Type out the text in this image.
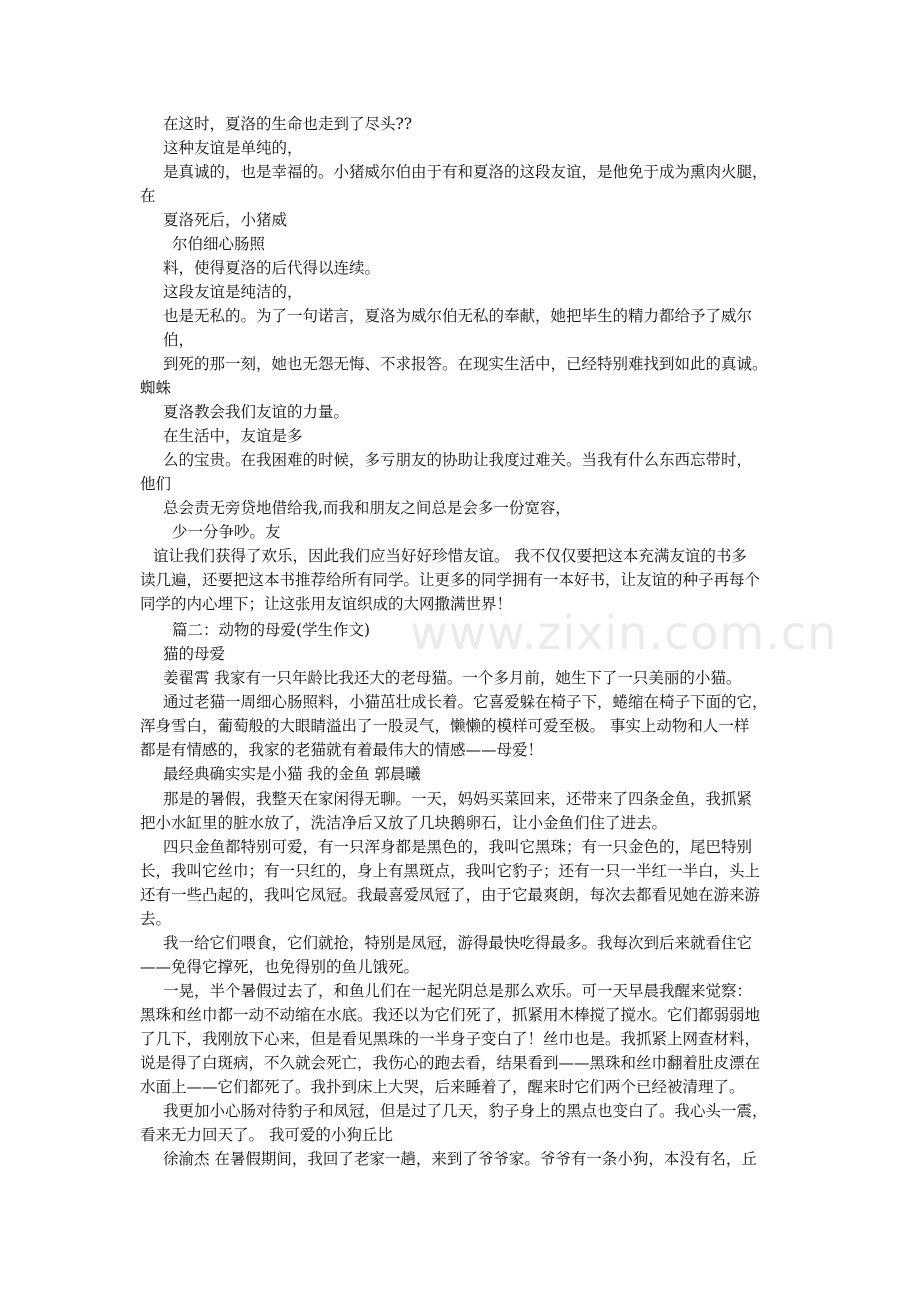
www.zixin.com.cn
在这时，夏洛的生命也走到了尽头??
这种友谊是单纯的，
是真诚的，也是幸福的。小猪威尔伯由于有和夏洛的这段友谊，是他免于成为熏肉火腿，
在
夏洛死后，小猪威
尔伯细心肠照
料，使得夏洛的后代得以连续。
这段友谊是纯洁的，
也是无私的。为了一句诺言，夏洛为威尔伯无私的奉献，她把毕生的精力都给予了威尔
伯，
到死的那一刻，她也无怨无悔、不求报答。在现实生活中，已经特别难找到如此的真诚。
蜘蛛
夏洛教会我们友谊的力量。
在生活中，友谊是多
么的宝贵。在我困难的时候，多亏朋友的协助让我度过难关。当我有什么东西忘带时，
他们
总会责无旁贷地借给我,而我和朋友之间总是会多一份宽容，
少一分争吵。友
谊让我们获得了欢乐，因此我们应当好好珍惜友谊。 我不仅仅要把这本充满友谊的书多
读几遍，还要把这本书推荐给所有同学。让更多的同学拥有一本好书，让友谊的种子再每个
同学的内心埋下；让这张用友谊织成的大网撒满世界！
篇二：动物的母爱(学生作文)
猫的母爱
姜翟霄 我家有一只年龄比我还大的老母猫。一个多月前，她生下了一只美丽的小猫。
通过老猫一周细心肠照料，小猫茁壮成长着。它喜爱躲在椅子下，蜷缩在椅子下面的它，
浑身雪白，葡萄般的大眼睛溢出了一股灵气，懒懒的模样可爱至极。 事实上动物和人一样
都是有情感的，我家的老猫就有着最伟大的情感——母爱！
最经典确实实是小猫 我的金鱼 郭晨曦
那是的暑假，我整天在家闲得无聊。一天，妈妈买菜回来，还带来了四条金鱼，我抓紧
把小水缸里的脏水放了，洗洁净后又放了几块鹅卵石，让小金鱼们住了进去。
四只金鱼都特别可爱，有一只浑身都是黑色的，我叫它黑珠；有一只金色的，尾巴特别
长，我叫它丝巾；有一只红的，身上有黑斑点，我叫它豹子；还有一只一半红一半白，头上
还有一些凸起的，我叫它凤冠。我最喜爱凤冠了，由于它最爽朗，每次去都看见她在游来游
去。
我一给它们喂食，它们就抢，特别是凤冠，游得最快吃得最多。我每次到后来就看住它
——免得它撑死，也免得别的鱼儿饿死。
一晃，半个暑假过去了，和鱼儿们在一起光阴总是那么欢乐。可一天早晨我醒来觉察：
黑珠和丝巾都一动不动缩在水底。我还以为它们死了，抓紧用木棒搅了搅水。它们都弱弱地
了几下，我刚放下心来，但是看见黑珠的一半身子变白了！丝巾也是。我抓紧上网查材料，
说是得了白斑病，不久就会死亡，我伤心的跑去看，结果看到——黑珠和丝巾翻着肚皮漂在
水面上——它们都死了。我扑到床上大哭，后来睡着了，醒来时它们两个已经被清理了。
我更加小心肠对待豹子和凤冠，但是过了几天，豹子身上的黑点也变白了。我心头一震，
看来无力回天了。 我可爱的小狗丘比
徐渝杰 在暑假期间，我回了老家一趟，来到了爷爷家。爷爷有一条小狗，本没有名，丘
